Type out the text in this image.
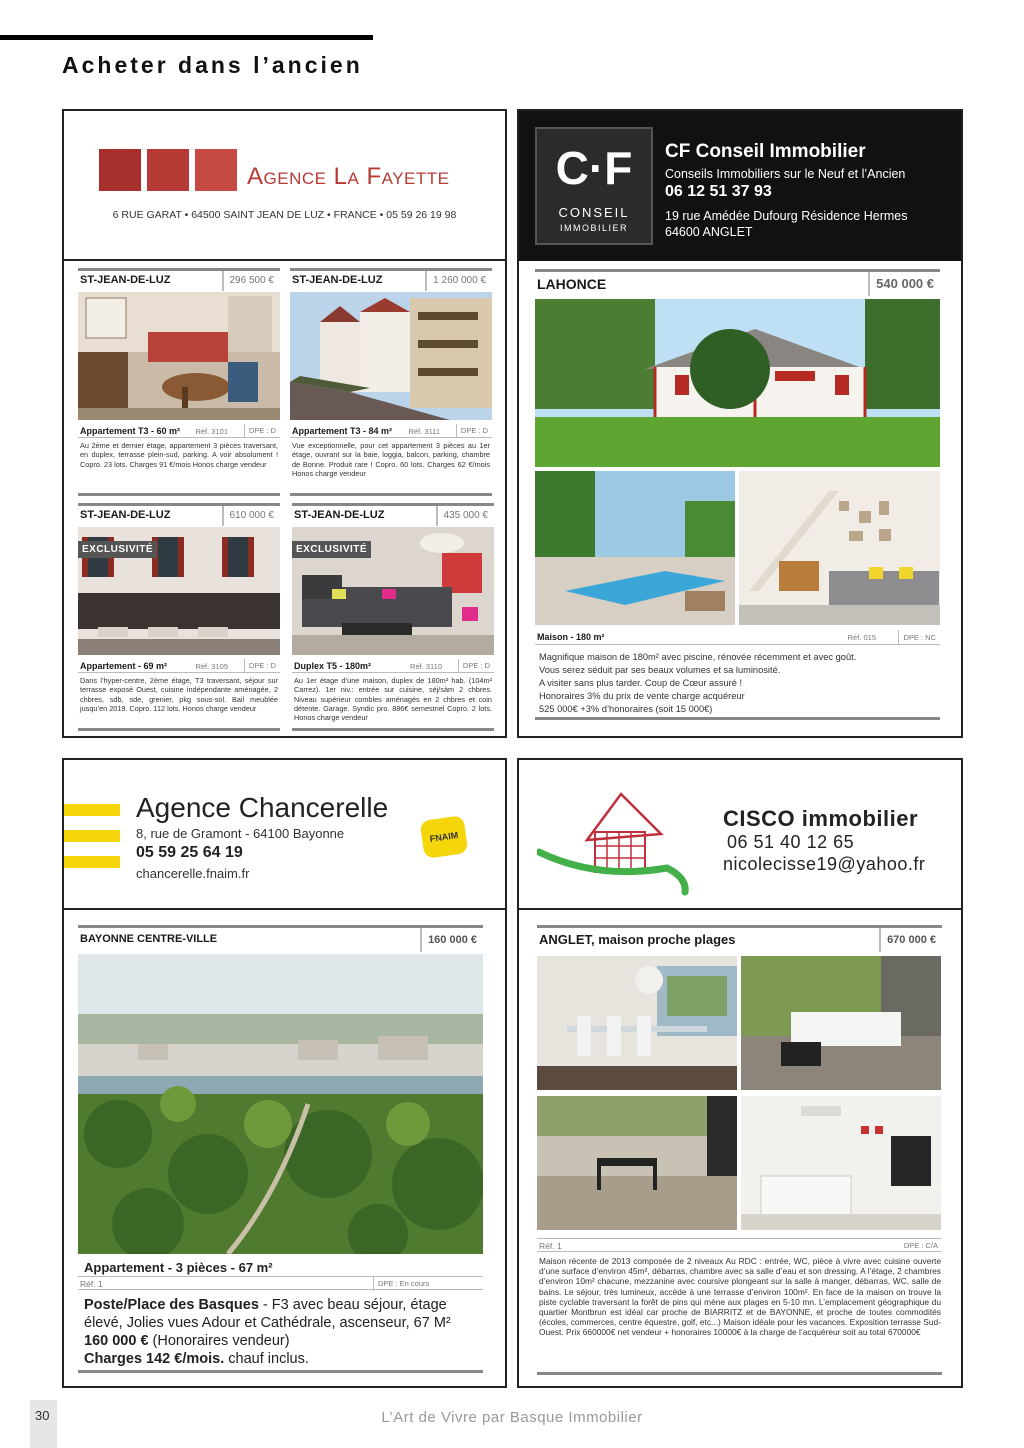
Acheter dans l’ancien
Agence La Fayette
6 RUE GARAT • 64500 SAINT JEAN DE LUZ • FRANCE • 05 59 26 19 98
ST-JEAN-DE-LUZ	296 500 €
Appartement T3 - 60 m² Réf. 3101	DPE : D
Au 2ème et dernier étage, appartement 3 pièces traversant, en duplex, terrasse plein-sud, parking. A voir absolument ! Copro. 23 lots. Charges 91 €/mois Honos charge vendeur
ST-JEAN-DE-LUZ	1 260 000 €
Appartement T3 - 84 m² Réf. 3111	DPE : D
Vue exceptionnelle, pour cet appartement 3 pièces au 1er étage, ouvrant sur la baie, loggia, balcon, parking, chambre de Bonne. Produit rare ! Copro. 60 lots. Charges 62 €/mois Honos charge vendeur
ST-JEAN-DE-LUZ	610 000 €
EXCLUSIVITÉ
Appartement - 69 m²	Réf. 3105	DPE : D
Dans l’hyper-centre, 2ème étage, T3 traversant, séjour sur terrasse exposé Ouest, cuisine indépendante aménagée, 2 chbres, sdb, sde, grenier, pkg sous-sol. Bail meublée jusqu’en 2019. Copro. 112 lots. Honos charge vendeur
ST-JEAN-DE-LUZ	435 000 €
EXCLUSIVITÉ
Duplex T5 - 180m²	Réf. 3110	DPE : D
Au 1er étage d’une maison, duplex de 180m² hab. (104m² Carrez). 1er niv.: entrée sur cuisine, séj/sàm 2 chbres. Niveau supérieur combles aménagés en 2 chbres et coin détente. Garage. Syndic pro. 886€ semestriel Copro. 2 lots. Honos charge vendeur
C·F
CONSEIL
IMMOBILIER
CF Conseil Immobilier
Conseils Immobiliers sur le Neuf et l’Ancien
06 12 51 37 93
19 rue Amédée Dufourg Résidence Hermes
64600 ANGLET
LAHONCE	540 000 €
Maison - 180 m²	Réf. 015	DPE : NC
Magnifique maison de 180m² avec piscine, rénovée récemment et avec goût.
Vous serez séduit par ses beaux volumes et sa luminosité.
A visiter sans plus tarder. Coup de Cœur assuré !
Honoraires 3% du prix de vente charge acquéreur
525 000€ +3% d’honoraires (soit 15 000€)
Agence Chancerelle
8, rue de Gramont - 64100 Bayonne
05 59 25 64 19
chancerelle.fnaim.fr
FNAIM
BAYONNE CENTRE-VILLE	160 000 €
Appartement - 3 pièces - 67 m²
Réf. 1	DPE : En cours
Poste/Place des Basques - F3 avec beau séjour, étage élevé, Jolies vues Adour et Cathédrale, ascenseur, 67 M²
160 000 € (Honoraires vendeur)
Charges 142 €/mois. chauf inclus.
CISCO immobilier
06 51 40 12 65
nicolecisse19@yahoo.fr
ANGLET, maison proche plages	670 000 €
Réf. 1	DPE : C/A
Maison récente de 2013 composée de 2 niveaux Au RDC : entrée, WC, pièce à vivre avec cuisine ouverte d’une surface d’environ 45m², débarras, chambre avec sa salle d’eau et son dressing. A l’étage, 2 chambres d’environ 10m² chacune, mezzanine avec coursive plongeant sur la salle à manger, débarras, WC, salle de bains. Le séjour, très lumineux, accède à une terrasse d’environ 100m². En face de la maison on trouve la piste cyclable traversant la forêt de pins qui mène aux plages en 5-10 mn. L’emplacement géographique du quartier Montbrun est idéal car proche de BIARRITZ et de BAYONNE, et proche de toutes commodités (écoles, commerces, centre équestre, golf, etc...) Maison idéale pour les vacances. Exposition terrasse Sud-Ouest. Prix 660000€ net vendeur + honoraires 10000€ à la charge de l’acquéreur soit au total 670000€
30	L’Art de Vivre par Basque Immobilier
